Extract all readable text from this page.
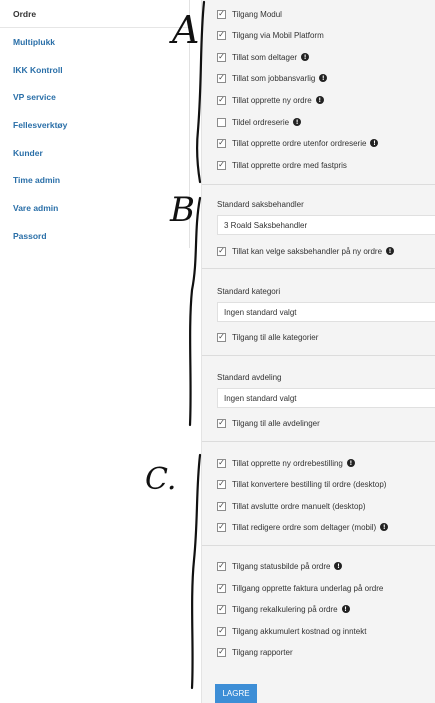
Ordre
Multiplukk
IKK Kontroll
VP service
Fellesverktøy
Kunder
Time admin
Vare admin
Passord
✓ Tilgang Modul
✓ Tilgang via Mobil Platform
✓ Tillat som deltager	!
✓ Tillat som jobbansvarlig	!
✓ Tillat opprette ny ordre	!
Tildel ordreserie	!
✓ Tillat opprette ordre utenfor ordreserie	!
✓ Tillat opprette ordre med fastpris
Standard saksbehandler
3 Roald Saksbehandler
✓ Tillat kan velge saksbehandler på ny ordre	!
Standard kategori
Ingen standard valgt
✓ Tilgang til alle kategorier
Standard avdeling
Ingen standard valgt
✓ Tilgang til alle avdelinger
✓ Tillat opprette ny ordrebestilling	!
✓ Tillat konvertere bestilling til ordre (desktop)
✓ Tillat avslutte ordre manuelt (desktop)
✓ Tillat redigere ordre som deltager (mobil)	!
✓ Tilgang statusbilde på ordre	!
✓ Tillgang opprette faktura underlag på ordre
✓ Tilgang rekalkulering på ordre	!
✓ Tilgang akkumulert kostnad og inntekt
✓ Tilgang rapporter
LAGRE
A
B
C.
